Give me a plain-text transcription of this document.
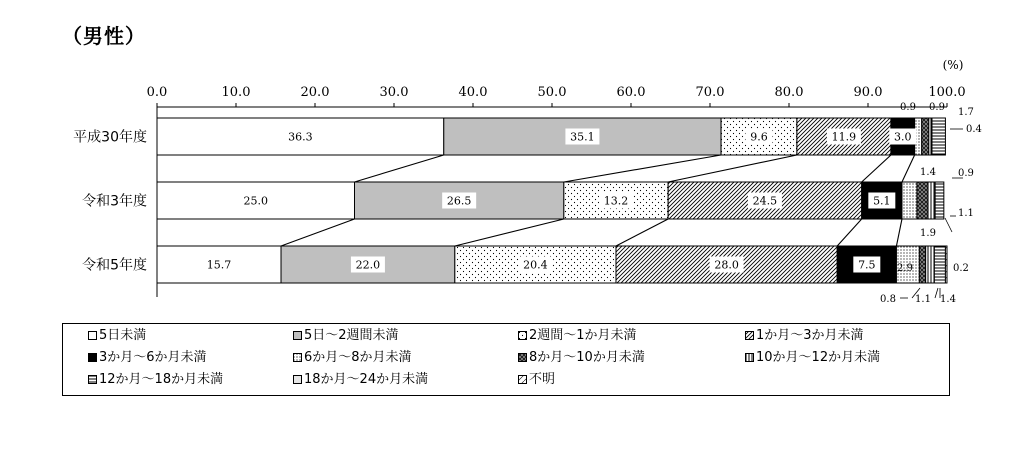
（男性）
0.0	10.0	20.0	30.0	40.0	50.0	60.0	70.0	80.0	90.0	100.0
(%)
平成30年度
令和3年度
令和5年度
36.3	35.1	9.6	11.9	3.0
25.0	26.5	13.2	24.5	5.1
15.7	22.0	20.4	28.0	7.5
0.9 0.9
0.4
1.7
1.9
1.4 0.9
1.1
2.9
0.8 1.1 1.4
0.2
5日未満	5日～2週間未満	2週間～1か月未満	1か月～3か月未満
3か月～6か月未満	6か月～8か月未満	8か月～10か月未満	10か月～12か月未満
12か月～18か月未満	18か月～24か月未満	不明
